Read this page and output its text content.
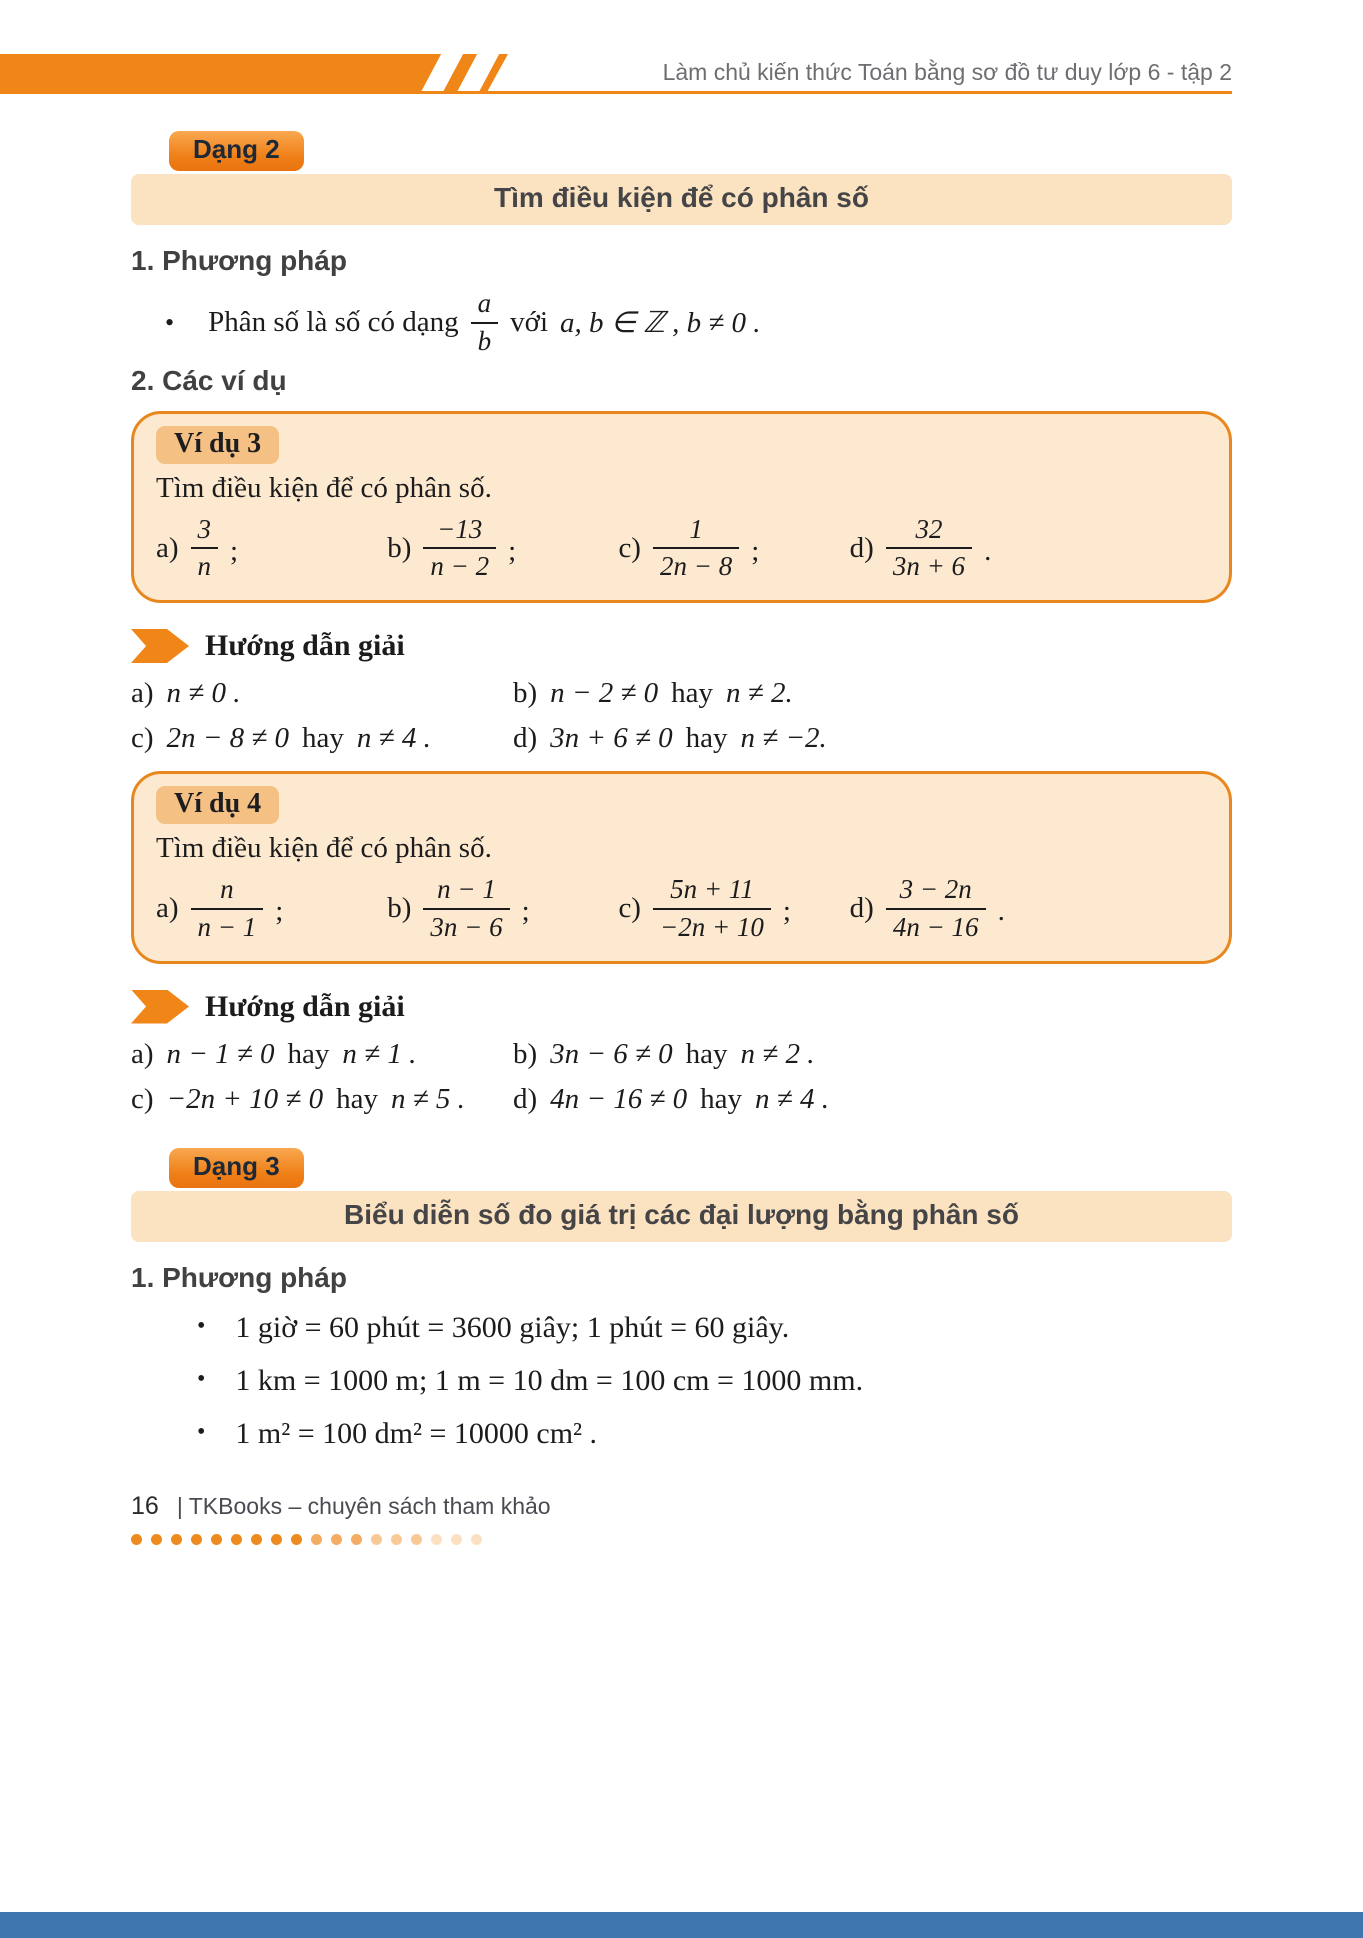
Làm chủ kiến thức Toán bằng sơ đồ tư duy lớp 6 - tập 2
Dạng 2
Tìm điều kiện để có phân số
1. Phương pháp
• Phân số là số có dạng $\frac{a}{b}$ với a, b ∈ ℤ , b ≠ 0 .
2. Các ví dụ
Ví dụ 3

Tìm điều kiện để có phân số.

$a) \frac{3}{n}$ ;	$b) \frac{-13}{n - 2}$ ;	$c) \frac{1}{2n - 8}$ ;	$d) \frac{32}{3n + 6}$ .
Hướng dẫn giải
a) n ≠ 0 .	b) n − 2 ≠ 0 hay n ≠ 2.
c) 2n − 8 ≠ 0 hay n ≠ 4 .	d) 3n + 6 ≠ 0 hay n ≠ −2.
Ví dụ 4

Tìm điều kiện để có phân số.

$a) \frac{n}{n - 1}$ ;	$b) \frac{n - 1}{3n - 6}$ ;	$c) \frac{5n + 11}{-2n + 10}$ ; $d) \frac{3 - 2n}{4n - 16}$ .
Hướng dẫn giải
a) n − 1 ≠ 0 hay n ≠ 1 .	b) 3n − 6 ≠ 0 hay n ≠ 2 .
c) −2n + 10 ≠ 0 hay n ≠ 5 . d) 4n − 16 ≠ 0 hay n ≠ 4 .
Dạng 3
Biểu diễn số đo giá trị các đại lượng bằng phân số
1. Phương pháp
• 1 giờ = 60 phút = 3600 giây; 1 phút = 60 giây.
• 1 km = 1000 m; 1 m = 10 dm = 100 cm = 1000 mm.
• 1 m² = 100 dm² = 10000 cm² .
16 | TKBooks – chuyên sách tham khảo
